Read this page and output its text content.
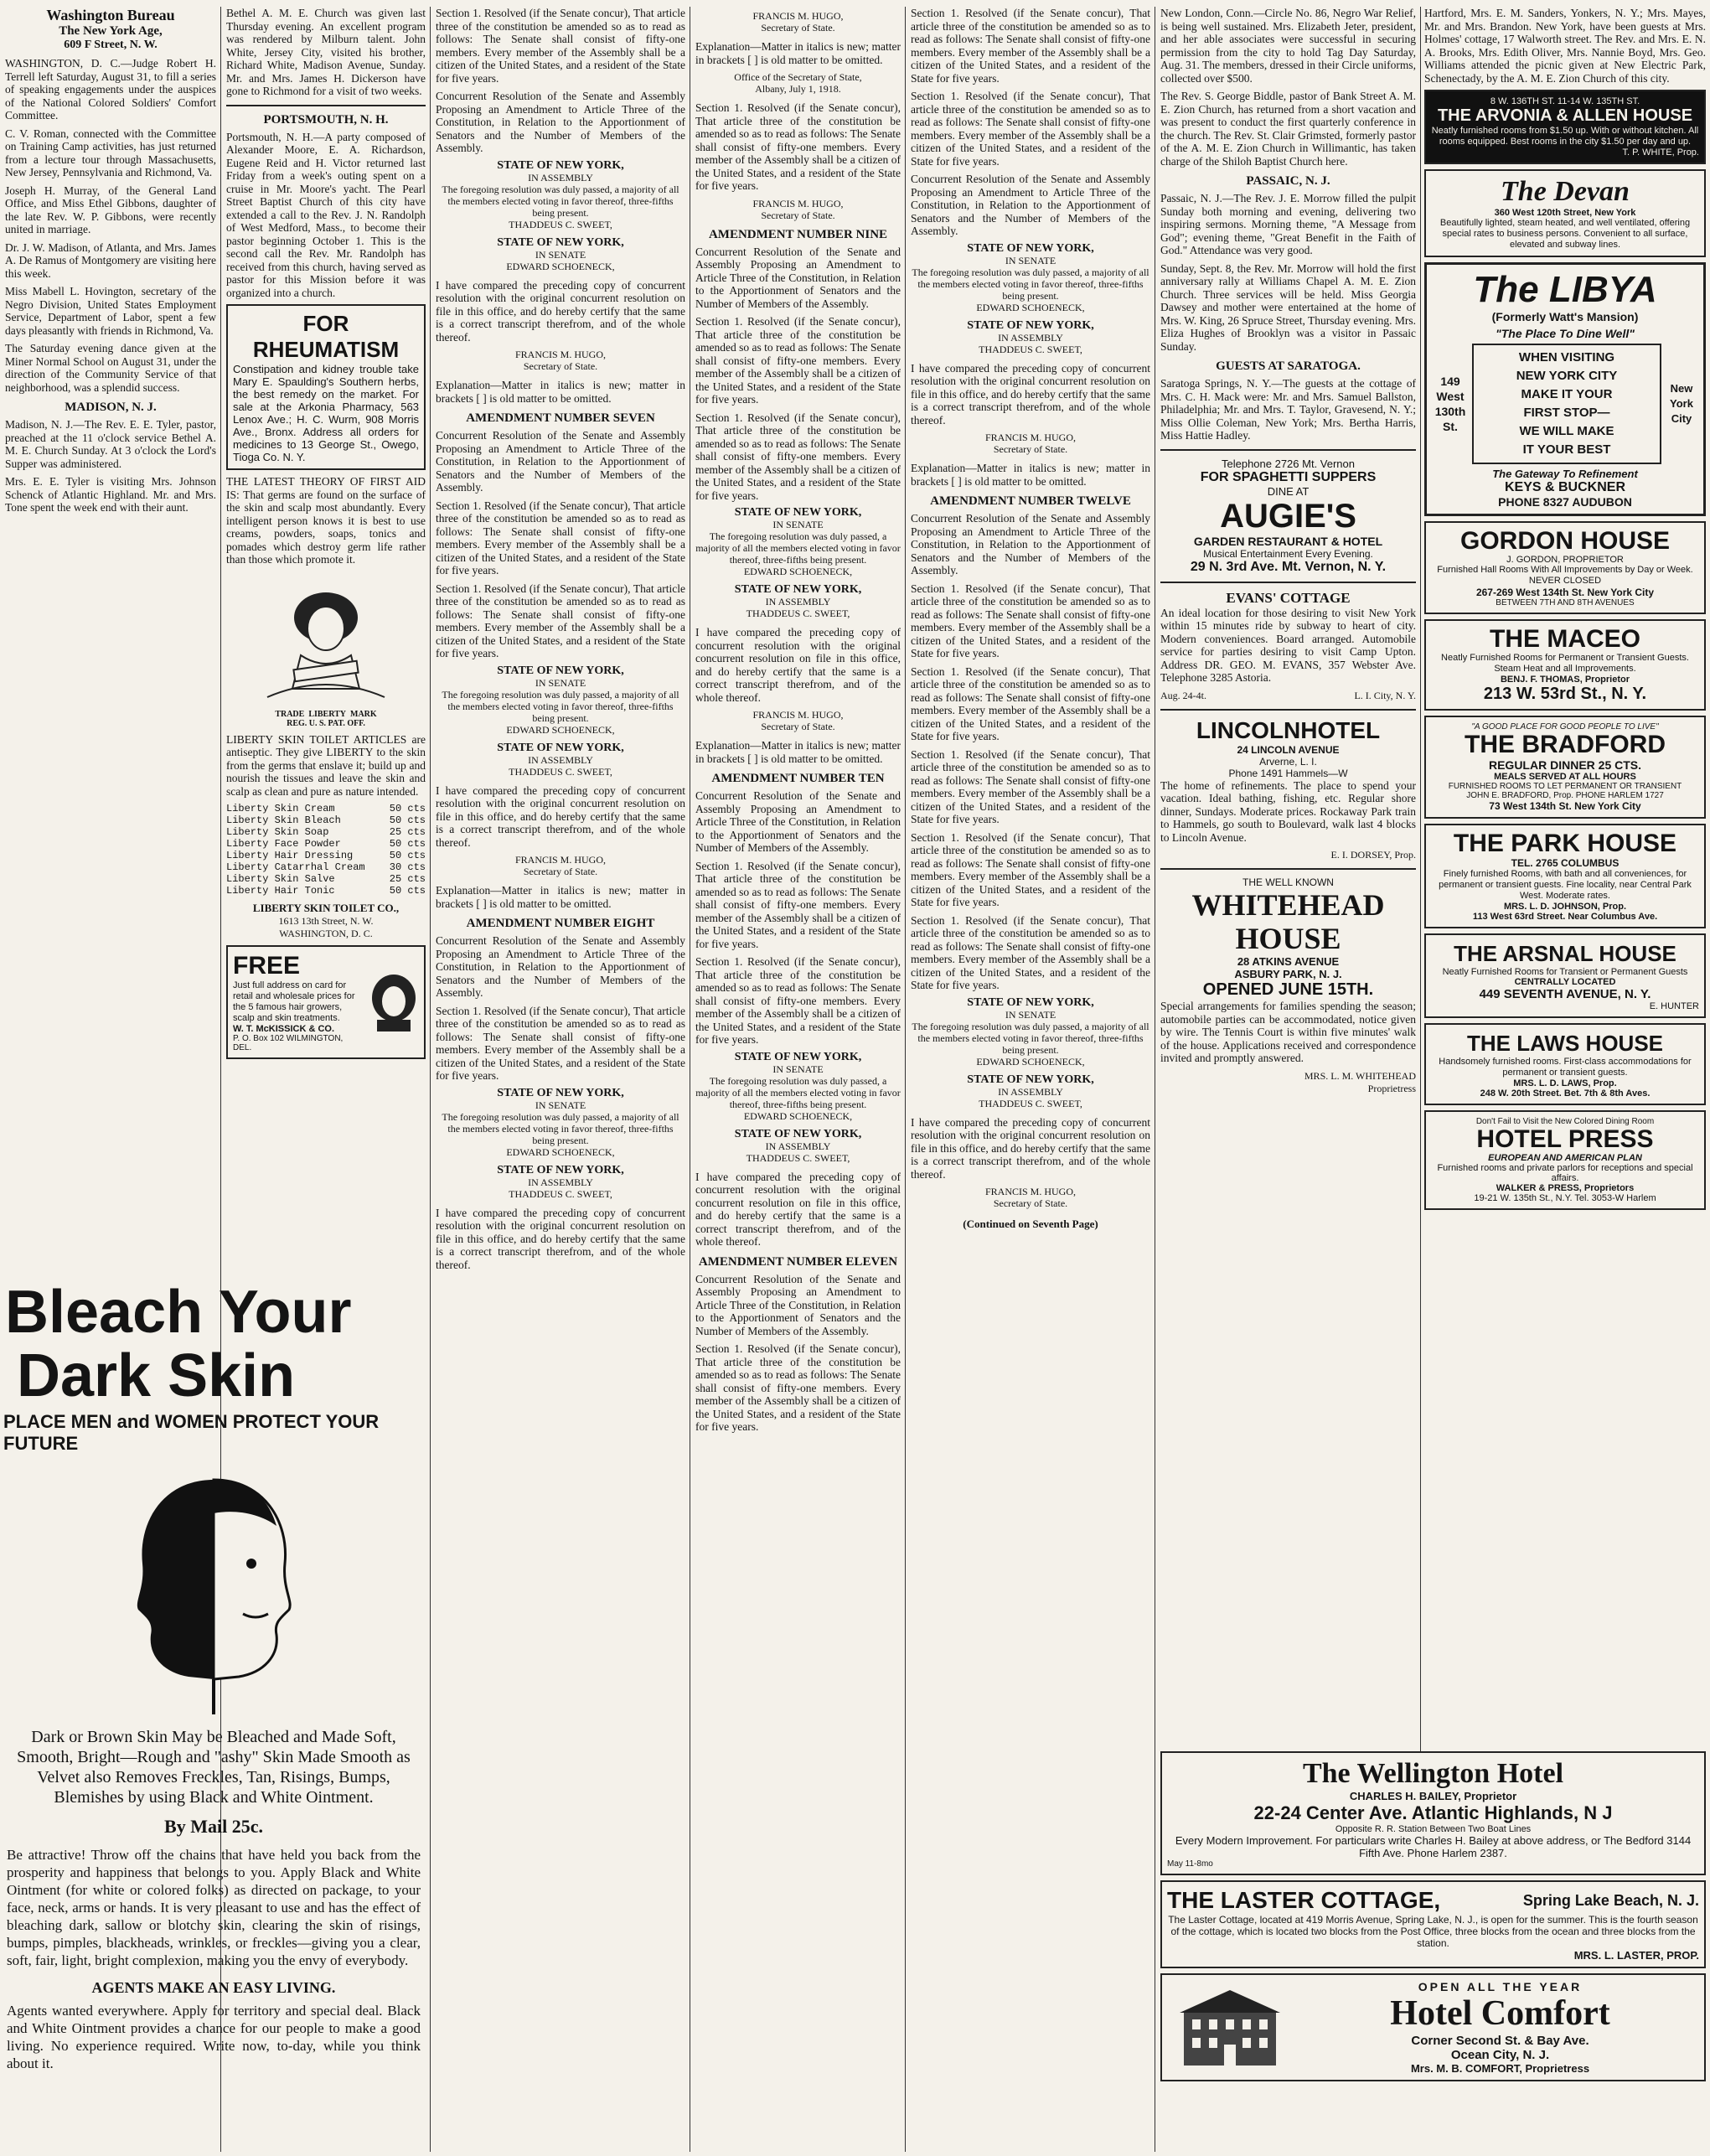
Washington Bureau
The New York Age,
609 F Street, N. W.

WASHINGTON, D. C.—Judge Robert H. Terrell left Saturday, August 31, to fill a series of speaking engagements under the auspices of the National Colored Soldiers' Comfort Committee.

C. V. Roman, connected with the Committee on Training Camp activities, has just returned from a lecture tour through Massachusetts, New Jersey, Pennsylvania and Richmond, Va.

Joseph H. Murray, of the General Land Office, and Miss Ethel Gibbons, daughter of the late Rev. W. P. Gibbons, were recently united in marriage.

Dr. J. W. Madison, of Atlanta, and Mrs. James A. De Ramus of Montgomery are visiting here this week.

Miss Mabell L. Hovington, secretary of the Negro Division, United States Employment Service, Department of Labor, spent a few days pleasantly with friends in Richmond, Va.

The Saturday evening dance given at the Miner Normal School on August 31, under the direction of the Community Service of that neighborhood, was a splendid success.

MADISON, N. J.

Madison, N. J.—The Rev. E. E. Tyler, pastor, preached at the 11 o'clock service Bethel A. M. E. Church Sunday. At 3 o'clock the Lord's Supper was administered.

Mrs. E. E. Tyler is visiting Mrs. Johnson Schenck of Atlantic Highland. Mr. and Mrs. Tone spent the week end with their aunt.

Bethel A. M. E. Church was given last Thursday evening. An excellent program was rendered by Milburn talent. John White, Jersey City, visited his brother, Richard White, Madison Avenue, Sunday. Mr. and Mrs. James H. Dickerson have gone to Richmond for a visit of two weeks.

PORTSMOUTH, N. H.

Portsmouth, N. H.—A party composed of Alexander Moore, E. A. Richardson, Eugene Reid and H. Victor returned last Friday from a week's outing spent on a cruise in Mr. Moore's yacht. The Pearl Street Baptist Church of this city have extended a call to the Rev. J. N. Randolph of West Medford, Mass., to become their pastor beginning October 1. This is the second call the Rev. Mr. Randolph has received from this church, having served as pastor for this Mission before it was organized into a church.

FOR RHEUMATISM
Constipation and kidney trouble take Mary E. Spaulding's Southern herbs, the best remedy on the market. For sale at the Arkonia Pharmacy, 563 Lenox Ave.; H. C. Wurm, 908 Morris Ave., Bronx. Address all orders for medicines to 13 George St., Owego, Tioga Co. N. Y.

THE LATEST THEORY OF FIRST AID IS: That germs are found on the surface of the skin and scalp most abundantly. Every intelligent person knows it is best to use creams, powders, soaps, tonics and pomades which destroy germ life rather than those which promote it.

TRADE LIBERTY MARK
REG. U. S. PAT. OFF.

LIBERTY SKIN TOILET ARTICLES are antiseptic. They give LIBERTY to the skin from the germs that enslave it; build up and nourish the tissues and leave the skin and scalp as clean and pure as nature intended.

Liberty Skin Cream	50 cts
Liberty Skin Bleach	50 cts
Liberty Skin Soap	25 cts
Liberty Face Powder	50 cts
Liberty Hair Dressing	50 cts
Liberty Catarrhal Cream 30 cts
Liberty Skin Salve	25 cts
Liberty Hair Tonic	50 cts
LIBERTY SKIN TOILET CO.,
1613 13th Street, N. W.
WASHINGTON, D. C.
FREE
Just full address on card for retail and wholesale prices for the 5 famous hair growers, scalp and skin treatments.
W. T. McKISSICK & CO.
P. O. Box 102 WILMINGTON, DEL.
Bleach Your
Dark Skin
PLACE MEN and WOMEN PROTECT YOUR FUTURE

Dark or Brown Skin May be Bleached and Made Soft, Smooth, Bright—Rough and "ashy" Skin Made Smooth as Velvet also Removes Freckles, Tan, Risings, Bumps, Blemishes by using Black and White Ointment.

By Mail 25c.

Be attractive! Throw off the chains that have held you back from the prosperity and happiness that belongs to you. Apply Black and White Ointment (for white or colored folks) as directed on package, to your face, neck, arms or hands. It is very pleasant to use and has the effect of bleaching dark, sallow or blotchy skin, clearing the skin of risings, bumps, pimples, blackheads, wrinkles, or freckles—giving you a clear, soft, fair, light, bright complexion, making you the envy of everybody.

AGENTS MAKE AN EASY LIVING.

Agents wanted everywhere. Apply for territory and special deal. Black and White Ointment provides a chance for our people to make a good living. No experience required. Write now, to-day, while you think about it.

Section 1. Resolved (if the Senate concur), That article three of the constitution be amended so as to read as follows: The Senate shall consist of fifty-one members. Every member of the Assembly shall be a citizen of the United States, and a resident of the State for five years.

Concurrent Resolution of the Senate and Assembly Proposing an Amendment to Article Three of the Constitution, in Relation to the Apportionment of Senators and the Number of Members of the Assembly.

STATE OF NEW YORK,
IN ASSEMBLY
The foregoing resolution was duly passed, a majority of all the members elected voting in favor thereof, three-fifths being present.
THADDEUS C. SWEET,
STATE OF NEW YORK,
IN SENATE
EDWARD SCHOENECK,

I have compared the preceding copy of concurrent resolution with the original concurrent resolution on file in this office, and do hereby certify that the same is a correct transcript therefrom, and of the whole thereof.

FRANCIS M. HUGO,
Secretary of State.

Explanation—Matter in italics is new; matter in brackets [ ] is old matter to be omitted.

AMENDMENT NUMBER SEVEN

Concurrent Resolution of the Senate and Assembly Proposing an Amendment to Article Three of the Constitution, in Relation to the Apportionment of Senators and the Number of Members of the Assembly.

Section 1. Resolved (if the Senate concur), That article three of the constitution be amended so as to read as follows: The Senate shall consist of fifty-one members. Every member of the Assembly shall be a citizen of the United States, and a resident of the State for five years.

Section 1. Resolved (if the Senate concur), That article three of the constitution be amended so as to read as follows: The Senate shall consist of fifty-one members. Every member of the Assembly shall be a citizen of the United States, and a resident of the State for five years.

STATE OF NEW YORK,
IN SENATE
The foregoing resolution was duly passed, a majority of all the members elected voting in favor thereof, three-fifths being present.
EDWARD SCHOENECK,
STATE OF NEW YORK,
IN ASSEMBLY
THADDEUS C. SWEET,

I have compared the preceding copy of concurrent resolution with the original concurrent resolution on file in this office, and do hereby certify that the same is a correct transcript therefrom, and of the whole thereof.

FRANCIS M. HUGO,
Secretary of State.

Explanation—Matter in italics is new; matter in brackets [ ] is old matter to be omitted.

AMENDMENT NUMBER EIGHT

Concurrent Resolution of the Senate and Assembly Proposing an Amendment to Article Three of the Constitution, in Relation to the Apportionment of Senators and the Number of Members of the Assembly.

Section 1. Resolved (if the Senate concur), That article three of the constitution be amended so as to read as follows: The Senate shall consist of fifty-one members. Every member of the Assembly shall be a citizen of the United States, and a resident of the State for five years.

STATE OF NEW YORK,
IN SENATE
The foregoing resolution was duly passed, a majority of all the members elected voting in favor thereof, three-fifths being present.
EDWARD SCHOENECK,
STATE OF NEW YORK,
IN ASSEMBLY
THADDEUS C. SWEET,

I have compared the preceding copy of concurrent resolution with the original concurrent resolution on file in this office, and do hereby certify that the same is a correct transcript therefrom, and of the whole thereof.

FRANCIS M. HUGO,
Secretary of State.

Explanation—Matter in italics is new; matter in brackets [ ] is old matter to be omitted.

Office of the Secretary of State,
Albany, July 1, 1918.

Section 1. Resolved (if the Senate concur), That article three of the constitution be amended so as to read as follows: The Senate shall consist of fifty-one members. Every member of the Assembly shall be a citizen of the United States, and a resident of the State for five years.

FRANCIS M. HUGO,
Secretary of State.
AMENDMENT NUMBER NINE

Concurrent Resolution of the Senate and Assembly Proposing an Amendment to Article Three of the Constitution, in Relation to the Apportionment of Senators and the Number of Members of the Assembly.

Section 1. Resolved (if the Senate concur), That article three of the constitution be amended so as to read as follows: The Senate shall consist of fifty-one members. Every member of the Assembly shall be a citizen of the United States, and a resident of the State for five years.

Section 1. Resolved (if the Senate concur), That article three of the constitution be amended so as to read as follows: The Senate shall consist of fifty-one members. Every member of the Assembly shall be a citizen of the United States, and a resident of the State for five years.

STATE OF NEW YORK,
IN SENATE
The foregoing resolution was duly passed, a majority of all the members elected voting in favor thereof, three-fifths being present.
EDWARD SCHOENECK,
STATE OF NEW YORK,
IN ASSEMBLY
THADDEUS C. SWEET,

I have compared the preceding copy of concurrent resolution with the original concurrent resolution on file in this office, and do hereby certify that the same is a correct transcript therefrom, and of the whole thereof.

FRANCIS M. HUGO,
Secretary of State.

Explanation—Matter in italics is new; matter in brackets [ ] is old matter to be omitted.

AMENDMENT NUMBER TEN

Concurrent Resolution of the Senate and Assembly Proposing an Amendment to Article Three of the Constitution, in Relation to the Apportionment of Senators and the Number of Members of the Assembly.

Section 1. Resolved (if the Senate concur), That article three of the constitution be amended so as to read as follows: The Senate shall consist of fifty-one members. Every member of the Assembly shall be a citizen of the United States, and a resident of the State for five years.

Section 1. Resolved (if the Senate concur), That article three of the constitution be amended so as to read as follows: The Senate shall consist of fifty-one members. Every member of the Assembly shall be a citizen of the United States, and a resident of the State for five years.

STATE OF NEW YORK,
IN SENATE
The foregoing resolution was duly passed, a majority of all the members elected voting in favor thereof, three-fifths being present.
EDWARD SCHOENECK,
STATE OF NEW YORK,
IN ASSEMBLY
THADDEUS C. SWEET,

I have compared the preceding copy of concurrent resolution with the original concurrent resolution on file in this office, and do hereby certify that the same is a correct transcript therefrom, and of the whole thereof.

AMENDMENT NUMBER ELEVEN

Concurrent Resolution of the Senate and Assembly Proposing an Amendment to Article Three of the Constitution, in Relation to the Apportionment of Senators and the Number of Members of the Assembly.

Section 1. Resolved (if the Senate concur), That article three of the constitution be amended so as to read as follows: The Senate shall consist of fifty-one members. Every member of the Assembly shall be a citizen of the United States, and a resident of the State for five years.

Section 1. Resolved (if the Senate concur), That article three of the constitution be amended so as to read as follows: The Senate shall consist of fifty-one members. Every member of the Assembly shall be a citizen of the United States, and a resident of the State for five years.

Section 1. Resolved (if the Senate concur), That article three of the constitution be amended so as to read as follows: The Senate shall consist of fifty-one members. Every member of the Assembly shall be a citizen of the United States, and a resident of the State for five years.

Concurrent Resolution of the Senate and Assembly Proposing an Amendment to Article Three of the Constitution, in Relation to the Apportionment of Senators and the Number of Members of the Assembly.

STATE OF NEW YORK,
IN SENATE
The foregoing resolution was duly passed, a majority of all the members elected voting in favor thereof, three-fifths being present.
EDWARD SCHOENECK,
STATE OF NEW YORK,
IN ASSEMBLY
THADDEUS C. SWEET,

I have compared the preceding copy of concurrent resolution with the original concurrent resolution on file in this office, and do hereby certify that the same is a correct transcript therefrom, and of the whole thereof.

FRANCIS M. HUGO,
Secretary of State.

Explanation—Matter in italics is new; matter in brackets [ ] is old matter to be omitted.

AMENDMENT NUMBER TWELVE

Concurrent Resolution of the Senate and Assembly Proposing an Amendment to Article Three of the Constitution, in Relation to the Apportionment of Senators and the Number of Members of the Assembly.

Section 1. Resolved (if the Senate concur), That article three of the constitution be amended so as to read as follows: The Senate shall consist of fifty-one members. Every member of the Assembly shall be a citizen of the United States, and a resident of the State for five years.

Section 1. Resolved (if the Senate concur), That article three of the constitution be amended so as to read as follows: The Senate shall consist of fifty-one members. Every member of the Assembly shall be a citizen of the United States, and a resident of the State for five years.

Section 1. Resolved (if the Senate concur), That article three of the constitution be amended so as to read as follows: The Senate shall consist of fifty-one members. Every member of the Assembly shall be a citizen of the United States, and a resident of the State for five years.

Section 1. Resolved (if the Senate concur), That article three of the constitution be amended so as to read as follows: The Senate shall consist of fifty-one members. Every member of the Assembly shall be a citizen of the United States, and a resident of the State for five years.

Section 1. Resolved (if the Senate concur), That article three of the constitution be amended so as to read as follows: The Senate shall consist of fifty-one members. Every member of the Assembly shall be a citizen of the United States, and a resident of the State for five years.

STATE OF NEW YORK,
IN SENATE
The foregoing resolution was duly passed, a majority of all the members elected voting in favor thereof, three-fifths being present.
EDWARD SCHOENECK,
STATE OF NEW YORK,
IN ASSEMBLY
THADDEUS C. SWEET,

I have compared the preceding copy of concurrent resolution with the original concurrent resolution on file in this office, and do hereby certify that the same is a correct transcript therefrom, and of the whole thereof.

FRANCIS M. HUGO,
Secretary of State.
(Continued on Seventh Page)

New London, Conn.—Circle No. 86, Negro War Relief, is being well sustained. Mrs. Elizabeth Jeter, president, and her able associates were successful in securing permission from the city to hold Tag Day Saturday, Aug. 31. The members, dressed in their Circle uniforms, collected over $500.

The Rev. S. George Biddle, pastor of Bank Street A. M. E. Zion Church, has returned from a short vacation and was present to conduct the first quarterly conference in the church. The Rev. St. Clair Grimsted, formerly pastor of the A. M. E. Zion Church in Willimantic, has taken charge of the Shiloh Baptist Church here.

PASSAIC, N. J.

Passaic, N. J.—The Rev. J. E. Morrow filled the pulpit Sunday both morning and evening, delivering two inspiring sermons. Morning theme, "A Message from God"; evening theme, "Great Benefit in the Faith of God." Attendance was very good.

Sunday, Sept. 8, the Rev. Mr. Morrow will hold the first anniversary rally at Williams Chapel A. M. E. Zion Church. Three services will be held. Miss Georgia Dawsey and mother were entertained at the home of Mrs. W. King, 26 Spruce Street, Thursday evening. Mrs. Eliza Hughes of Brooklyn was a visitor in Passaic Sunday.

GUESTS AT SARATOGA.

Saratoga Springs, N. Y.—The guests at the cottage of Mrs. C. H. Mack were: Mr. and Mrs. Samuel Ballston, Philadelphia; Mr. and Mrs. T. Taylor, Gravesend, N. Y.; Miss Ollie Coleman, New York; Mrs. Bertha Harris, Miss Hattie Hadley.

Telephone 2726 Mt. Vernon
FOR SPAGHETTI SUPPERS
DINE AT
AUGIE'S
GARDEN RESTAURANT & HOTEL
Musical Entertainment Every Evening.
29 N. 3rd Ave. Mt. Vernon, N. Y.
EVANS' COTTAGE

An ideal location for those desiring to visit New York within 15 minutes ride by subway to heart of city. Modern conveniences. Board arranged. Automobile service for parties desiring to visit Camp Upton. Address DR. GEO. M. EVANS, 357 Webster Ave. Telephone 3285 Astoria.

Aug. 24-4t.	L. I. City, N. Y.
LINCOLNHOTEL
24 LINCOLN AVENUE
Arverne, L. I.
Phone 1491 Hammels—W

The home of refinements. The place to spend your vacation. Ideal bathing, fishing, etc. Regular shore dinner, Sundays. Moderate prices. Rockaway Park train to Hammels, go south to Boulevard, walk last 4 blocks to Lincoln Avenue.

E. I. DORSEY, Prop.
THE WELL KNOWN
WHITEHEAD
HOUSE
28 ATKINS AVENUE
ASBURY PARK, N. J.
OPENED JUNE 15TH.

Special arrangements for families spending the season; automobile parties can be accommodated, notice given by wire. The Tennis Court is within five minutes' walk of the house. Applications received and correspondence invited and promptly answered.

MRS. L. M. WHITEHEAD
Proprietress

Hartford, Mrs. E. M. Sanders, Yonkers, N. Y.; Mrs. Mayes, Mr. and Mrs. Brandon. New York, have been guests at Mrs. Holmes' cottage, 17 Walworth street. The Rev. and Mrs. E. N. A. Brooks, Mrs. Edith Oliver, Mrs. Nannie Boyd, Mrs. Geo. Williams attended the picnic given at New Electric Park, Schenectady, by the A. M. E. Zion Church of this city.

8 W. 136TH ST. 11-14 W. 135TH ST.
THE ARVONIA & ALLEN HOUSE
Neatly furnished rooms from $1.50 up. With or without kitchen. All rooms equipped. Best rooms in the city $1.50 per day and up.
T. P. WHITE, Prop.
The Devan
360 West 120th Street, New York
Beautifully lighted, steam heated, and well ventilated, offering special rates to business persons. Convenient to all surface, elevated and subway lines.
The LIBYA
(Formerly Watt's Mansion)
"The Place To Dine Well"
149
West
130th
St.
WHEN VISITING
NEW YORK CITY
MAKE IT YOUR
FIRST STOP—
WE WILL MAKE
IT YOUR BEST
New
York
City
The Gateway To Refinement
KEYS & BUCKNER
PHONE 8327 AUDUBON
GORDON HOUSE
J. GORDON, PROPRIETOR
Furnished Hall Rooms With All Improvements by Day or Week. NEVER CLOSED
267-269 West 134th St. New York City
BETWEEN 7TH AND 8TH AVENUES
THE MACEO
Neatly Furnished Rooms for Permanent or Transient Guests. Steam Heat and all Improvements.
BENJ. F. THOMAS, Proprietor
213 W. 53rd St., N. Y.
"A GOOD PLACE FOR GOOD PEOPLE TO LIVE"
THE BRADFORD
REGULAR DINNER 25 CTS.
MEALS SERVED AT ALL HOURS
FURNISHED ROOMS TO LET PERMANENT OR TRANSIENT
JOHN E. BRADFORD, Prop. PHONE HARLEM 1727
73 West 134th St. New York City
THE PARK HOUSE
TEL. 2765 COLUMBUS
Finely furnished Rooms, with bath and all conveniences, for permanent or transient guests. Fine locality, near Central Park West. Moderate rates.
MRS. L. D. JOHNSON, Prop.
113 West 63rd Street. Near Columbus Ave.
THE ARSNAL HOUSE
Neatly Furnished Rooms for Transient or Permanent Guests
CENTRALLY LOCATED
449 SEVENTH AVENUE, N. Y.
E. HUNTER
THE LAWS HOUSE
Handsomely furnished rooms. First-class accommodations for permanent or transient guests.
MRS. L. D. LAWS, Prop.
248 W. 20th Street. Bet. 7th & 8th Aves.
Don't Fail to Visit the New Colored Dining Room
HOTEL PRESS
EUROPEAN AND AMERICAN PLAN
Furnished rooms and private parlors for receptions and special affairs.
WALKER & PRESS, Proprietors
19-21 W. 135th St., N.Y. Tel. 3053-W Harlem
The Wellington Hotel
CHARLES H. BAILEY, Proprietor
22-24 Center Ave. Atlantic Highlands, N J
Opposite R. R. Station Between Two Boat Lines
Every Modern Improvement. For particulars write Charles H. Bailey at above address, or The Bedford 3144 Fifth Ave. Phone Harlem 2387.
May 11-8mo
THE LASTER COTTAGE,	Spring Lake Beach, N. J.
The Laster Cottage, located at 419 Morris Avenue, Spring Lake, N. J., is open for the summer. This is the fourth season of the cottage, which is located two blocks from the Post Office, three blocks from the ocean and three blocks from the station.
MRS. L. LASTER, PROP.
OPEN ALL THE YEAR
Hotel Comfort
Corner Second St. & Bay Ave.
Ocean City, N. J.
Mrs. M. B. COMFORT, Proprietress
